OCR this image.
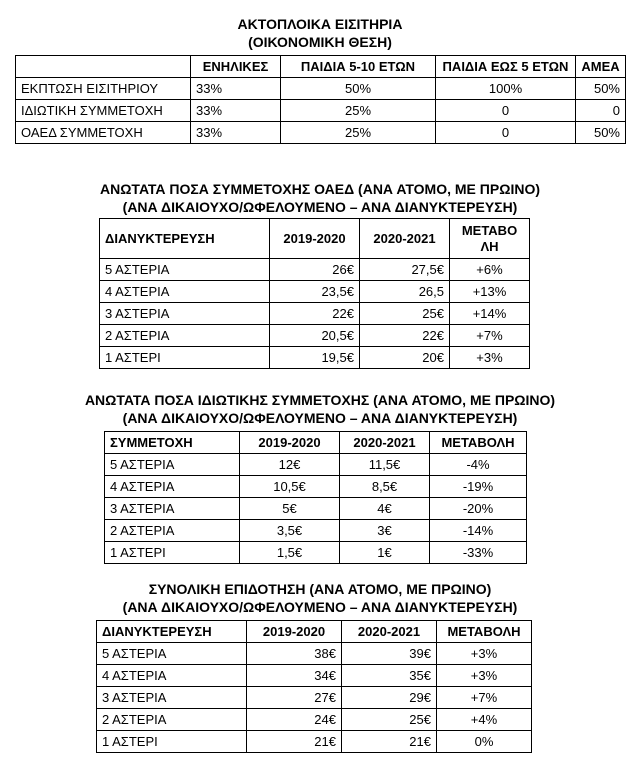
ΑΚΤΟΠΛΟΙΚΑ ΕΙΣΙΤΗΡΙΑ
(ΟΙΚΟΝΟΜΙΚΗ ΘΕΣΗ)
	ΕΝΗΛΙΚΕΣ	ΠΑΙΔΙΑ 5-10 ΕΤΩΝ	ΠΑΙΔΙΑ ΕΩΣ 5 ΕΤΩΝ	ΑΜΕΑ
ΕΚΠΤΩΣΗ ΕΙΣΙΤΗΡΙΟΥ	33%	50%	100%	50%
ΙΔΙΩΤΙΚΗ ΣΥΜΜΕΤΟΧΗ	33%	25%	0	0
ΟΑΕΔ ΣΥΜΜΕΤΟΧΗ	33%	25%	0	50%
ΑΝΩΤΑΤΑ ΠΟΣΑ ΣΥΜΜΕΤΟΧΗΣ ΟΑΕΔ (ΑΝΑ ΑΤΟΜΟ, ΜΕ ΠΡΩΙΝΟ)
(ΑΝΑ ΔΙΚΑΙΟΥΧΟ/ΩΦΕΛΟΥΜΕΝΟ – ΑΝΑ ΔΙΑΝΥΚΤΕΡΕΥΣΗ)
ΔΙΑΝΥΚΤΕΡΕΥΣΗ	2019-2020	2020-2021	ΜΕΤΑΒΟ ΛΗ
5 ΑΣΤΕΡΙΑ	26€	27,5€	+6%
4 ΑΣΤΕΡΙΑ	23,5€	26,5	+13%
3 ΑΣΤΕΡΙΑ	22€	25€	+14%
2 ΑΣΤΕΡΙΑ	20,5€	22€	+7%
1 ΑΣΤΕΡΙ	19,5€	20€	+3%
ΑΝΩΤΑΤΑ ΠΟΣΑ ΙΔΙΩΤΙΚΗΣ ΣΥΜΜΕΤΟΧΗΣ (ΑΝΑ ΑΤΟΜΟ, ΜΕ ΠΡΩΙΝΟ)
(ΑΝΑ ΔΙΚΑΙΟΥΧΟ/ΩΦΕΛΟΥΜΕΝΟ – ΑΝΑ ΔΙΑΝΥΚΤΕΡΕΥΣΗ)
ΣΥΜΜΕΤΟΧΗ	2019-2020	2020-2021	ΜΕΤΑΒΟΛΗ
5 ΑΣΤΕΡΙΑ	12€	11,5€	-4%
4 ΑΣΤΕΡΙΑ	10,5€	8,5€	-19%
3 ΑΣΤΕΡΙΑ	5€	4€	-20%
2 ΑΣΤΕΡΙΑ	3,5€	3€	-14%
1 ΑΣΤΕΡΙ	1,5€	1€	-33%
ΣΥΝΟΛΙΚΗ ΕΠΙΔΟΤΗΣΗ (ΑΝΑ ΑΤΟΜΟ, ΜΕ ΠΡΩΙΝΟ)
(ΑΝΑ ΔΙΚΑΙΟΥΧΟ/ΩΦΕΛΟΥΜΕΝΟ – ΑΝΑ ΔΙΑΝΥΚΤΕΡΕΥΣΗ)
ΔΙΑΝΥΚΤΕΡΕΥΣΗ	2019-2020	2020-2021	ΜΕΤΑΒΟΛΗ
5 ΑΣΤΕΡΙΑ	38€	39€	+3%
4 ΑΣΤΕΡΙΑ	34€	35€	+3%
3 ΑΣΤΕΡΙΑ	27€	29€	+7%
2 ΑΣΤΕΡΙΑ	24€	25€	+4%
1 ΑΣΤΕΡΙ	21€	21€	0%
